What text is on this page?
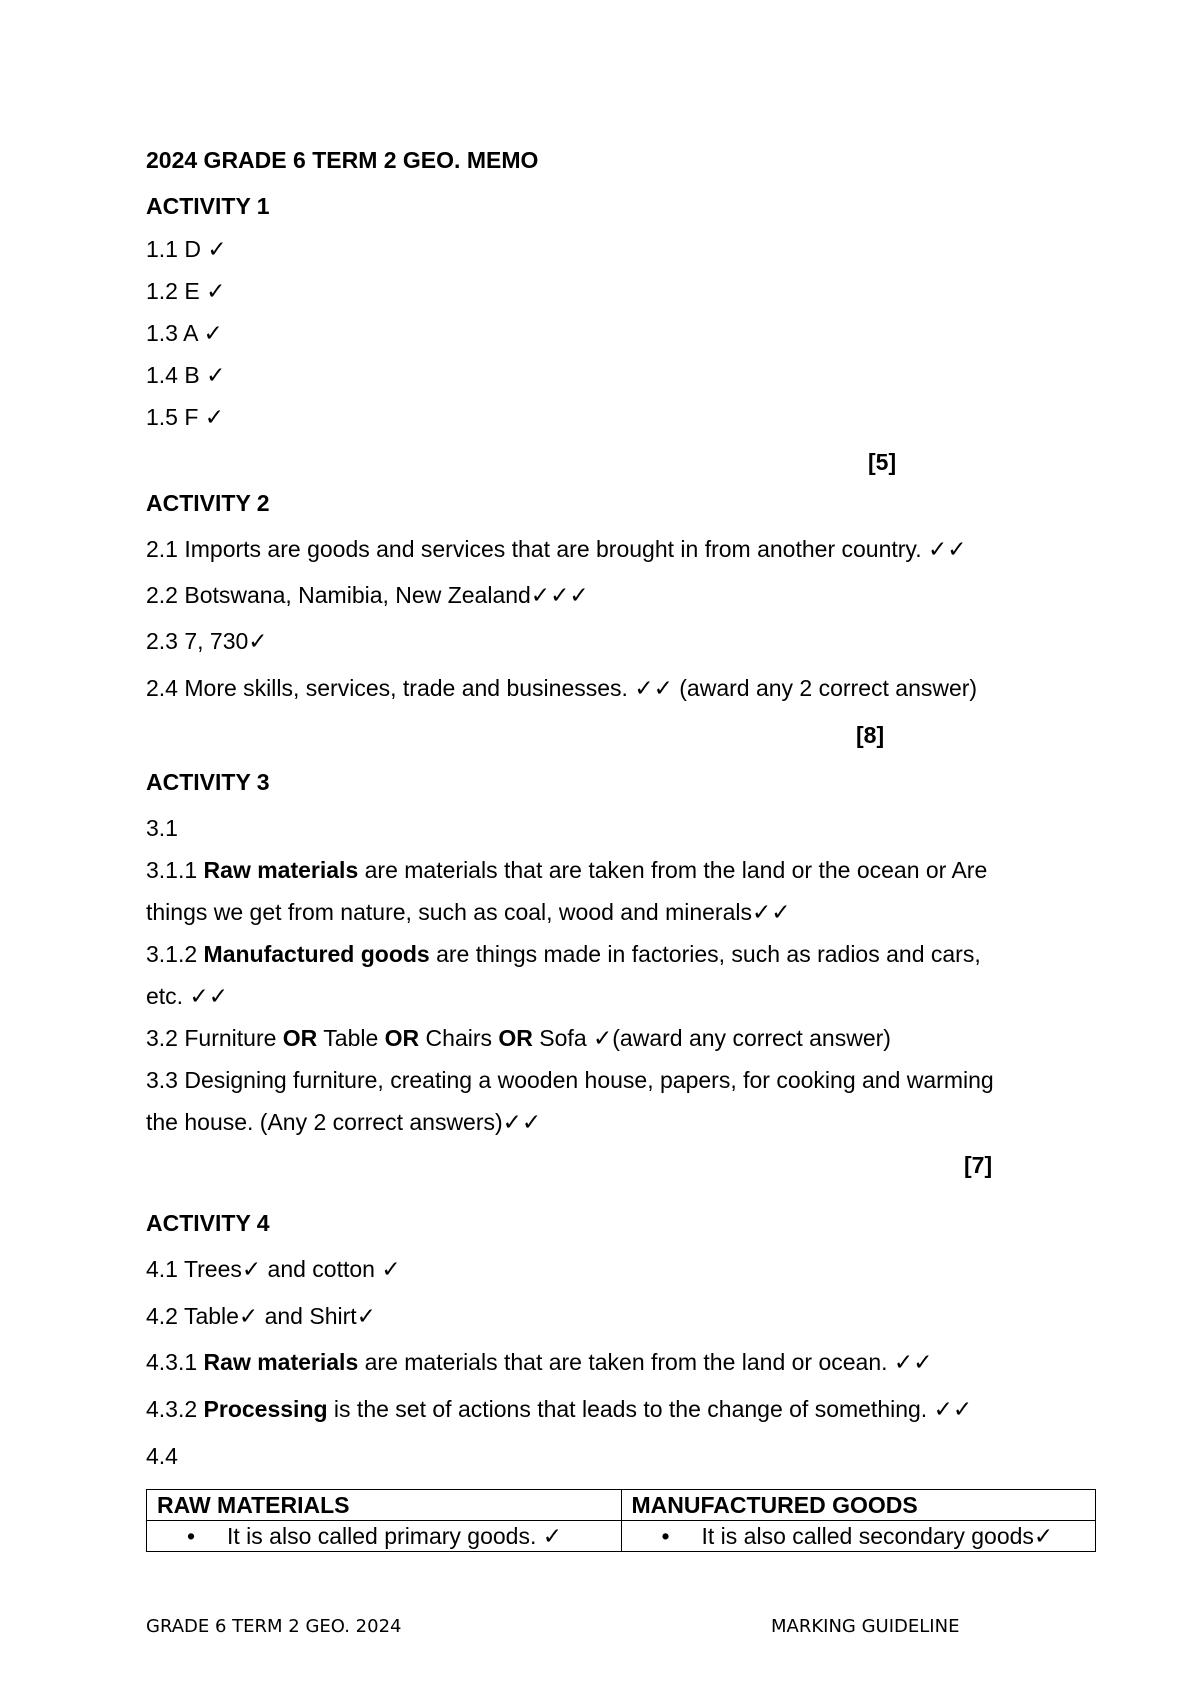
2024 GRADE 6 TERM 2 GEO. MEMO
ACTIVITY 1
1.1 D ✓
1.2 E ✓
1.3 A ✓
1.4 B ✓
1.5 F ✓
[5]
ACTIVITY 2
2.1 Imports are goods and services that are brought in from another country. ✓✓
2.2 Botswana, Namibia, New Zealand✓✓✓
2.3 7, 730✓
2.4 More skills, services, trade and businesses. ✓✓ (award any 2 correct answer)
[8]
ACTIVITY 3
3.1
3.1.1 Raw materials are materials that are taken from the land or the ocean or Are
things we get from nature, such as coal, wood and minerals✓✓
3.1.2 Manufactured goods are things made in factories, such as radios and cars,
etc. ✓✓
3.2 Furniture OR Table OR Chairs OR Sofa ✓(award any correct answer)
3.3 Designing furniture, creating a wooden house, papers, for cooking and warming
the house. (Any 2 correct answers)✓✓
[7]
ACTIVITY 4
4.1 Trees✓ and cotton ✓
4.2 Table✓ and Shirt✓
4.3.1 Raw materials are materials that are taken from the land or ocean. ✓✓
4.3.2 Processing is the set of actions that leads to the change of something. ✓✓
4.4
RAW MATERIALS	MANUFACTURED GOODS
• It is also called primary goods. ✓	• It is also called secondary goods✓
GRADE 6 TERM 2 GEO. 2024	MARKING GUIDELINE
